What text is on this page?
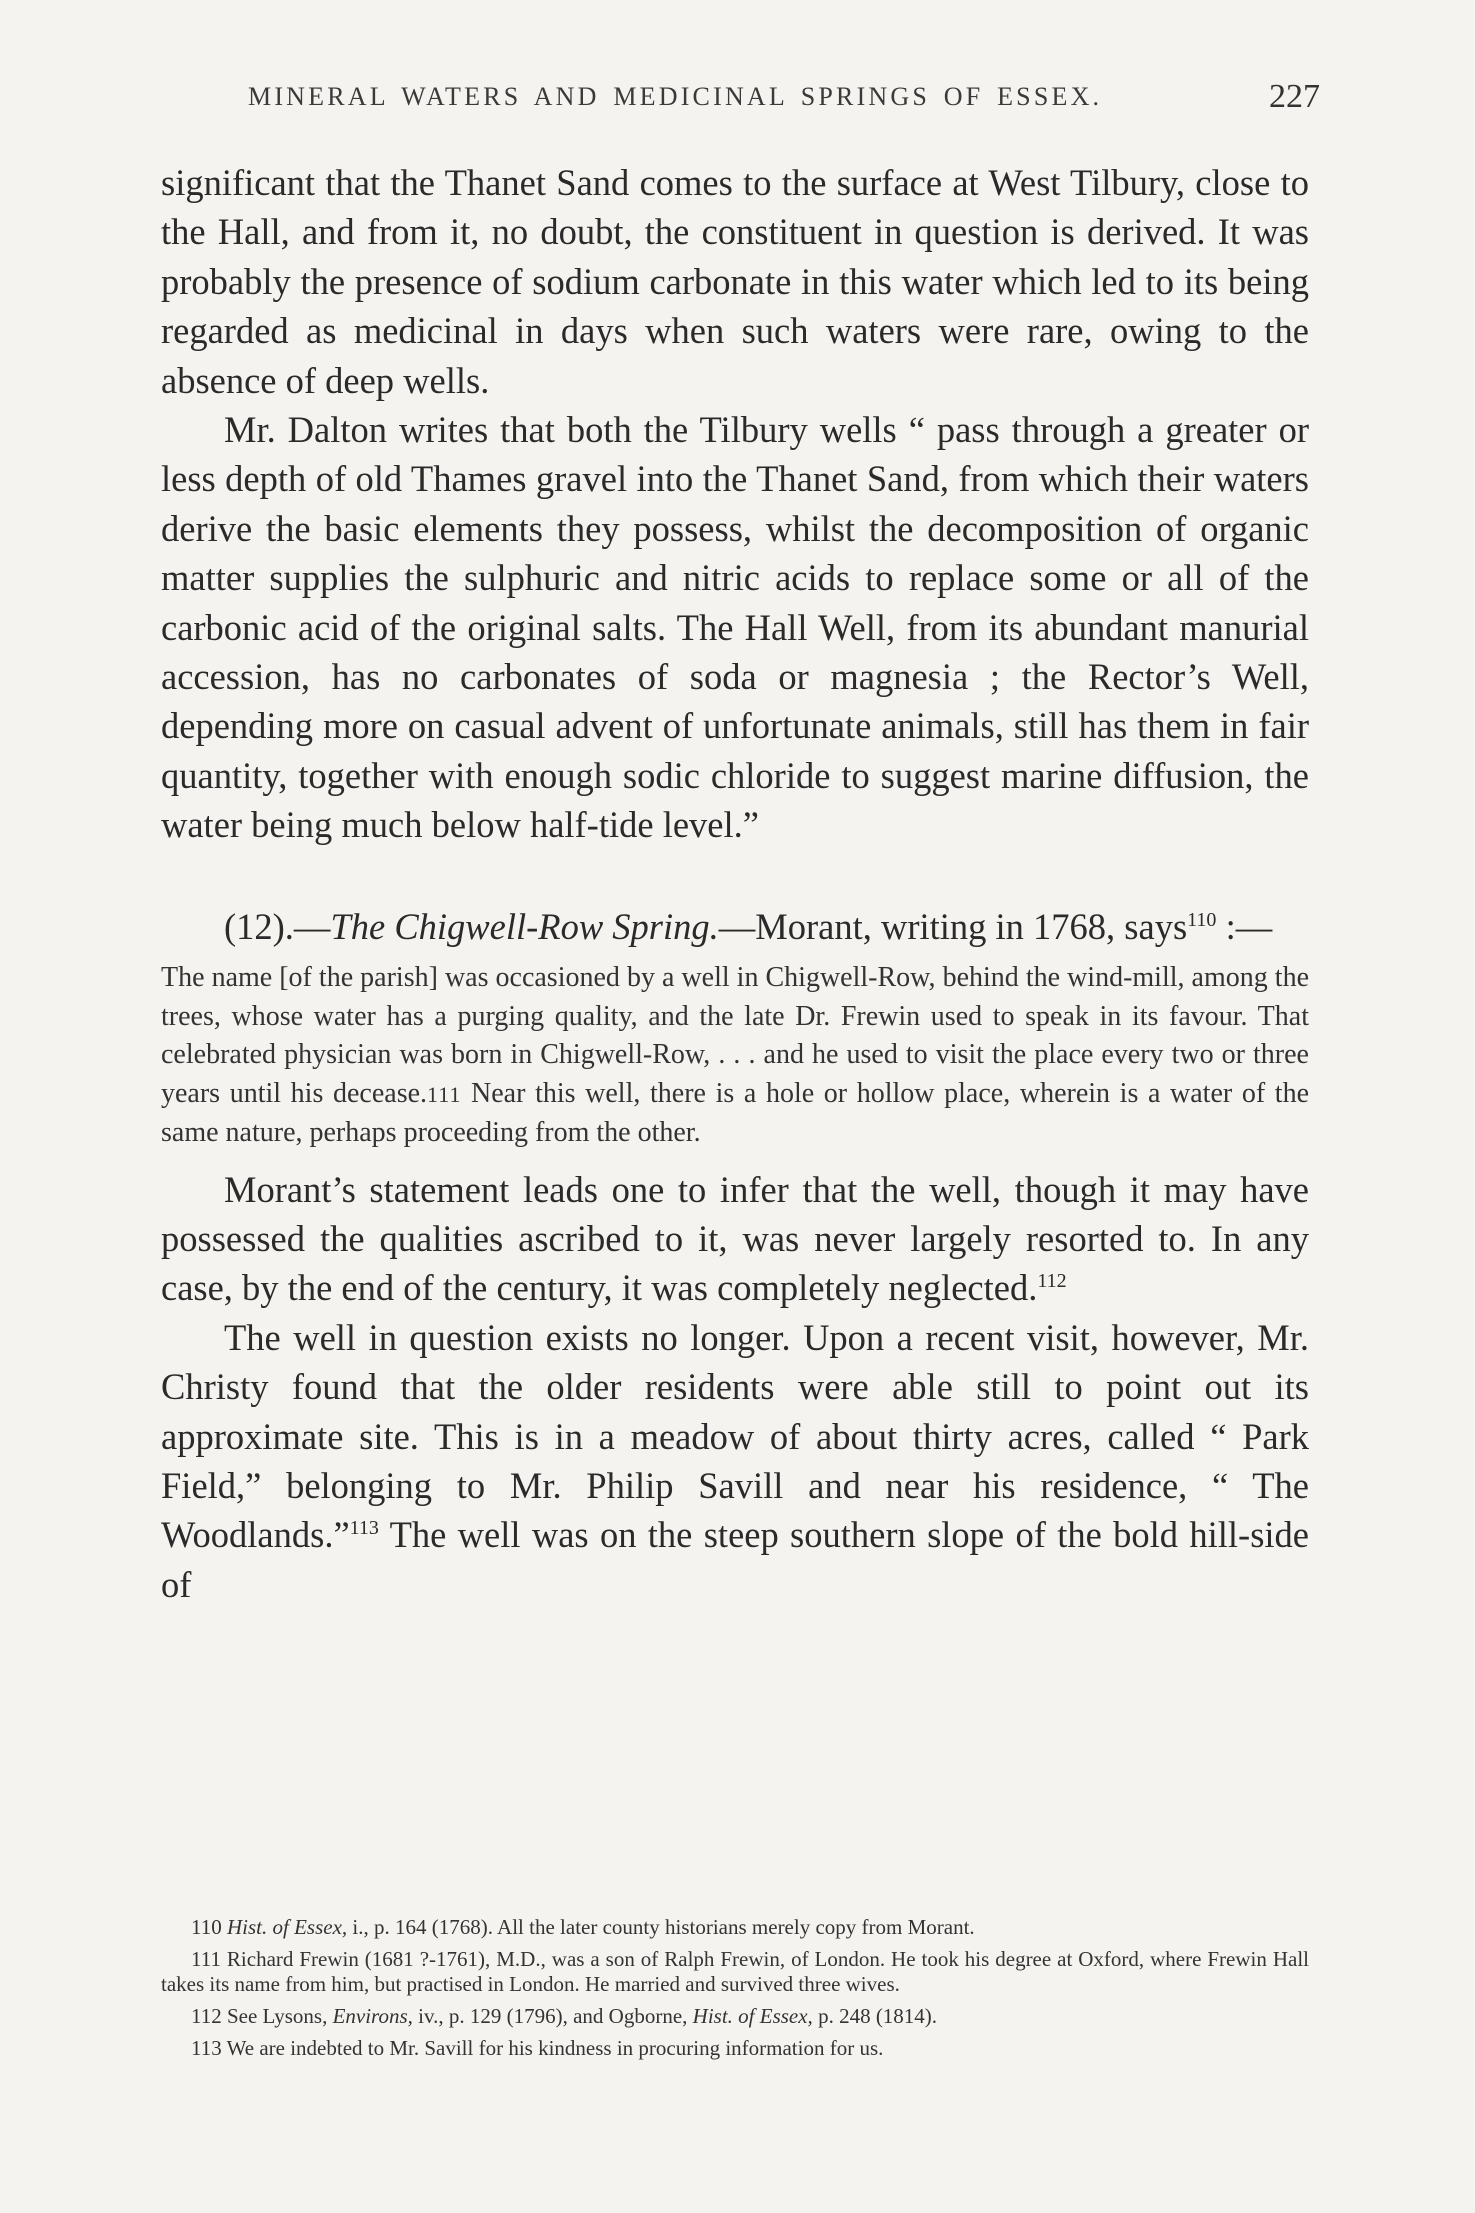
MINERAL WATERS AND MEDICINAL SPRINGS OF ESSEX.	227

significant that the Thanet Sand comes to the surface at West Tilbury, close to the Hall, and from it, no doubt, the constituent in question is derived. It was probably the presence of sodium carbonate in this water which led to its being regarded as medicinal in days when such waters were rare, owing to the absence of deep wells.

Mr. Dalton writes that both the Tilbury wells “ pass through a greater or less depth of old Thames gravel into the Thanet Sand, from which their waters derive the basic elements they possess, whilst the decomposition of organic matter supplies the sulphuric and nitric acids to replace some or all of the carbonic acid of the original salts. The Hall Well, from its abundant manurial accession, has no carbonates of soda or magnesia ; the Rector’s Well, depending more on casual advent of unfortunate animals, still has them in fair quantity, together with enough sodic chloride to suggest marine diffusion, the water being much below half-tide level.”

(12).—The Chigwell-Row Spring.—Morant, writing in 1768, says$^{110}$ :—

The name [of the parish] was occasioned by a well in Chigwell-Row, behind the wind-mill, among the trees, whose water has a purging quality, and the late Dr. Frewin used to speak in its favour. That celebrated physician was born in Chigwell-Row, . . . and he used to visit the place every two or three years until his decease.111 Near this well, there is a hole or hollow place, wherein is a water of the same nature, perhaps proceeding from the other.

Morant’s statement leads one to infer that the well, though it may have possessed the qualities ascribed to it, was never largely resorted to. In any case, by the end of the century, it was completely neglected.$^{112}$

The well in question exists no longer. Upon a recent visit, however, Mr. Christy found that the older residents were able still to point out its approximate site. This is in a meadow of about thirty acres, called “ Park Field,” belonging to Mr. Philip Savill and near his residence, “ The Woodlands.”$^{113}$ The well was on the steep southern slope of the bold hill-side of

110 Hist. of Essex, i., p. 164 (1768). All the later county historians merely copy from Morant.

111 Richard Frewin (1681 ?-1761), M.D., was a son of Ralph Frewin, of London. He took his degree at Oxford, where Frewin Hall takes its name from him, but practised in London. He married and survived three wives.

112 See Lysons, Environs, iv., p. 129 (1796), and Ogborne, Hist. of Essex, p. 248 (1814).

113 We are indebted to Mr. Savill for his kindness in procuring information for us.
